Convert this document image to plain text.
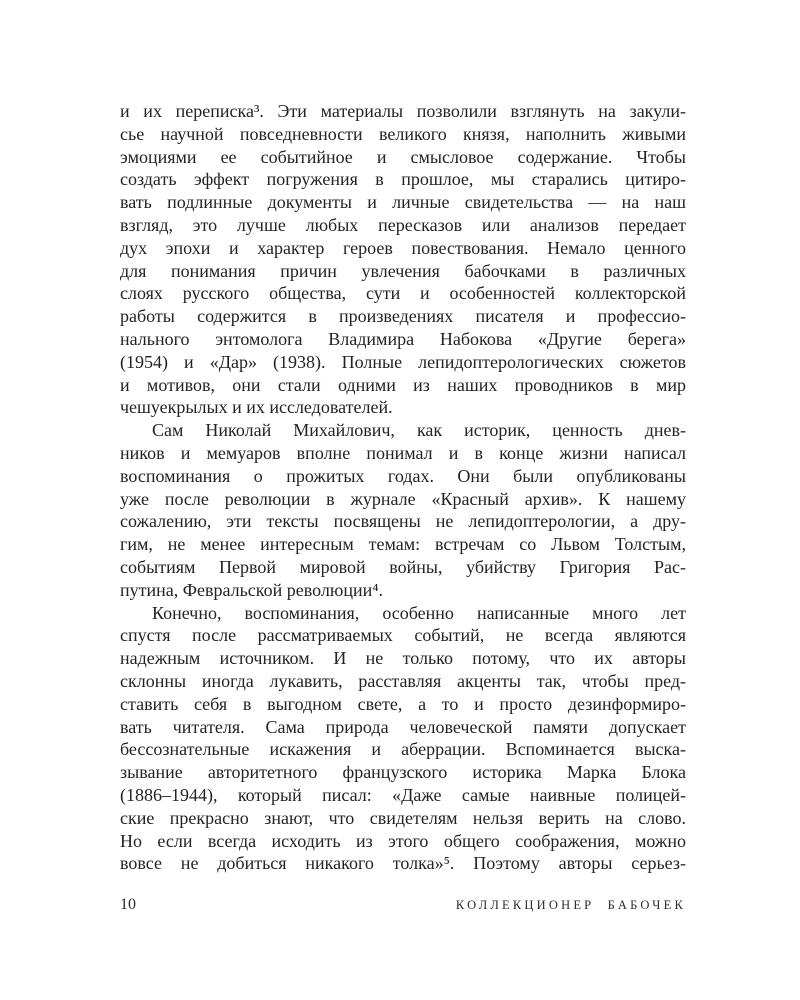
и их переписка³. Эти материалы позволили взглянуть на закули-
сье научной повседневности великого князя, наполнить живыми
эмоциями ее событийное и смысловое содержание. Чтобы
создать эффект погружения в прошлое, мы старались цитиро-
вать подлинные документы и личные свидетельства — на наш
взгляд, это лучше любых пересказов или анализов передает
дух эпохи и характер героев повествования. Немало ценного
для понимания причин увлечения бабочками в различных
слоях русского общества, сути и особенностей коллекторской
работы содержится в произведениях писателя и профессио-
нального энтомолога Владимира Набокова «Другие берега»
(1954) и «Дар» (1938). Полные лепидоптерологических сюжетов
и мотивов, они стали одними из наших проводников в мир
чешуекрылых и их исследователей.
Сам Николай Михайлович, как историк, ценность днев-
ников и мемуаров вполне понимал и в конце жизни написал
воспоминания о прожитых годах. Они были опубликованы
уже после революции в журнале «Красный архив». К нашему
сожалению, эти тексты посвящены не лепидоптерологии, а дру-
гим, не менее интересным темам: встречам со Львом Толстым,
событиям Первой мировой войны, убийству Григория Рас-
путина, Февральской революции⁴.
Конечно, воспоминания, особенно написанные много лет
спустя после рассматриваемых событий, не всегда являются
надежным источником. И не только потому, что их авторы
склонны иногда лукавить, расставляя акценты так, чтобы пред-
ставить себя в выгодном свете, а то и просто дезинформиро-
вать читателя. Сама природа человеческой памяти допускает
бессознательные искажения и аберрации. Вспоминается выска-
зывание авторитетного французского историка Марка Блока
(1886–1944), который писал: «Даже самые наивные полицей-
ские прекрасно знают, что свидетелям нельзя верить на слово.
Но если всегда исходить из этого общего соображения, можно
вовсе не добиться никакого толка»⁵. Поэтому авторы серьез-
10	КОЛЛЕКЦИОНЕР БАБОЧЕК
